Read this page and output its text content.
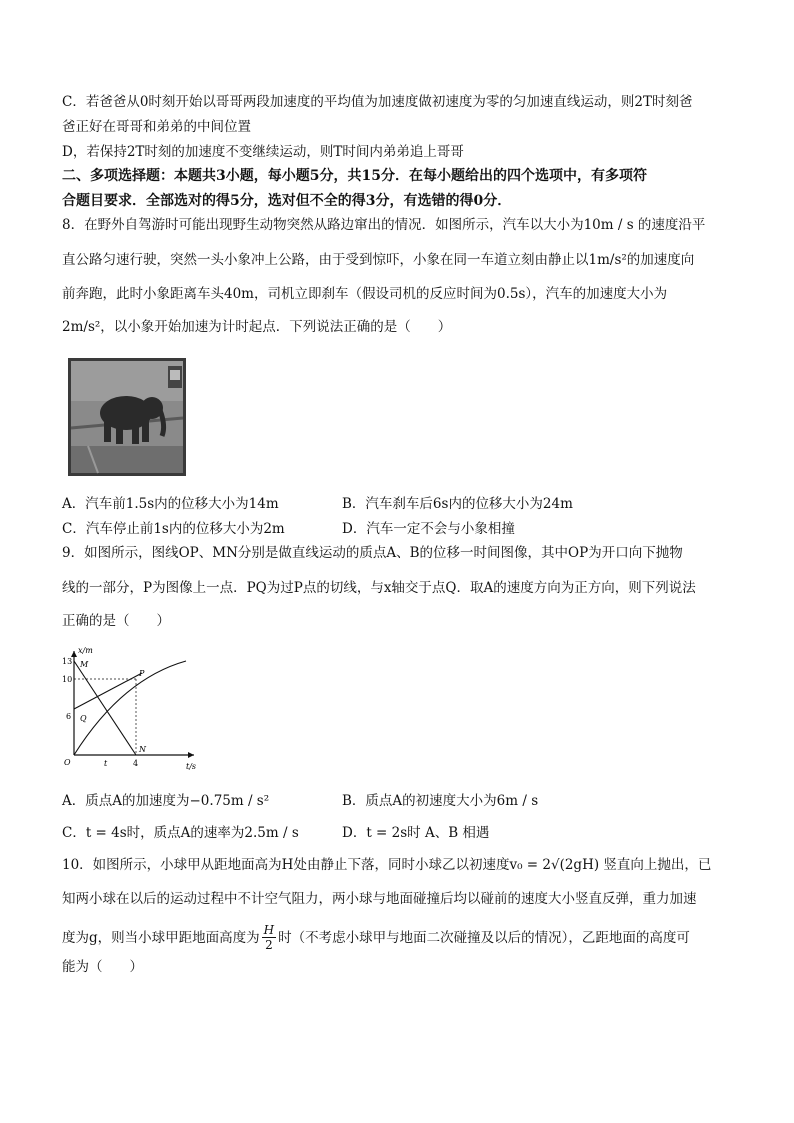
C．若爸爸从0时刻开始以哥哥两段加速度的平均值为加速度做初速度为零的匀加速直线运动，则2T时刻爸
爸正好在哥哥和弟弟的中间位置
D，若保持2T时刻的加速度不变继续运动，则T时间内弟弟追上哥哥
二、多项选择题：本题共3小题，每小题5分，共15分．在每小题给出的四个选项中，有多项符
合题目要求．全部选对的得5分，选对但不全的得3分，有选错的得0分．
8．在野外自驾游时可能出现野生动物突然从路边窜出的情况．如图所示，汽车以大小为10m / s 的速度沿平
直公路匀速行驶，突然一头小象冲上公路，由于受到惊吓，小象在同一车道立刻由静止以1m/s²的加速度向
前奔跑，此时小象距离车头40m，司机立即刹车（假设司机的反应时间为0.5s），汽车的加速度大小为
2m/s²，以小象开始加速为计时起点．下列说法正确的是（　　）
A．汽车前1.5s内的位移大小为14m	B．汽车刹车后6s内的位移大小为24m
C．汽车停止前1s内的位移大小为2m	D．汽车一定不会与小象相撞
9．如图所示，图线OP、MN分别是做直线运动的质点A、B的位移一时间图像，其中OP为开口向下抛物
线的一部分，P为图像上一点．PQ为过P点的切线，与x轴交于点Q．取A的速度方向为正方向，则下列说法
正确的是（　　）
x/m
t/s
O
13
10
6
t	4
M
P
Q
N
A．质点A的加速度为−0.75m / s²	B．质点A的初速度大小为6m / s
C．t = 4s时，质点A的速率为2.5m / s	D．t = 2s时 A、B 相遇
10．如图所示，小球甲从距地面高为H处由静止下落，同时小球乙以初速度v₀ = 2√(2gH) 竖直向上抛出，已
知两小球在以后的运动过程中不计空气阻力，两小球与地面碰撞后均以碰前的速度大小竖直反弹，重力加速
度为g，则当小球甲距地面高度为 $\frac{H}{2}$ 时（不考虑小球甲与地面二次碰撞及以后的情况），乙距地面的高度可
能为（　　）
